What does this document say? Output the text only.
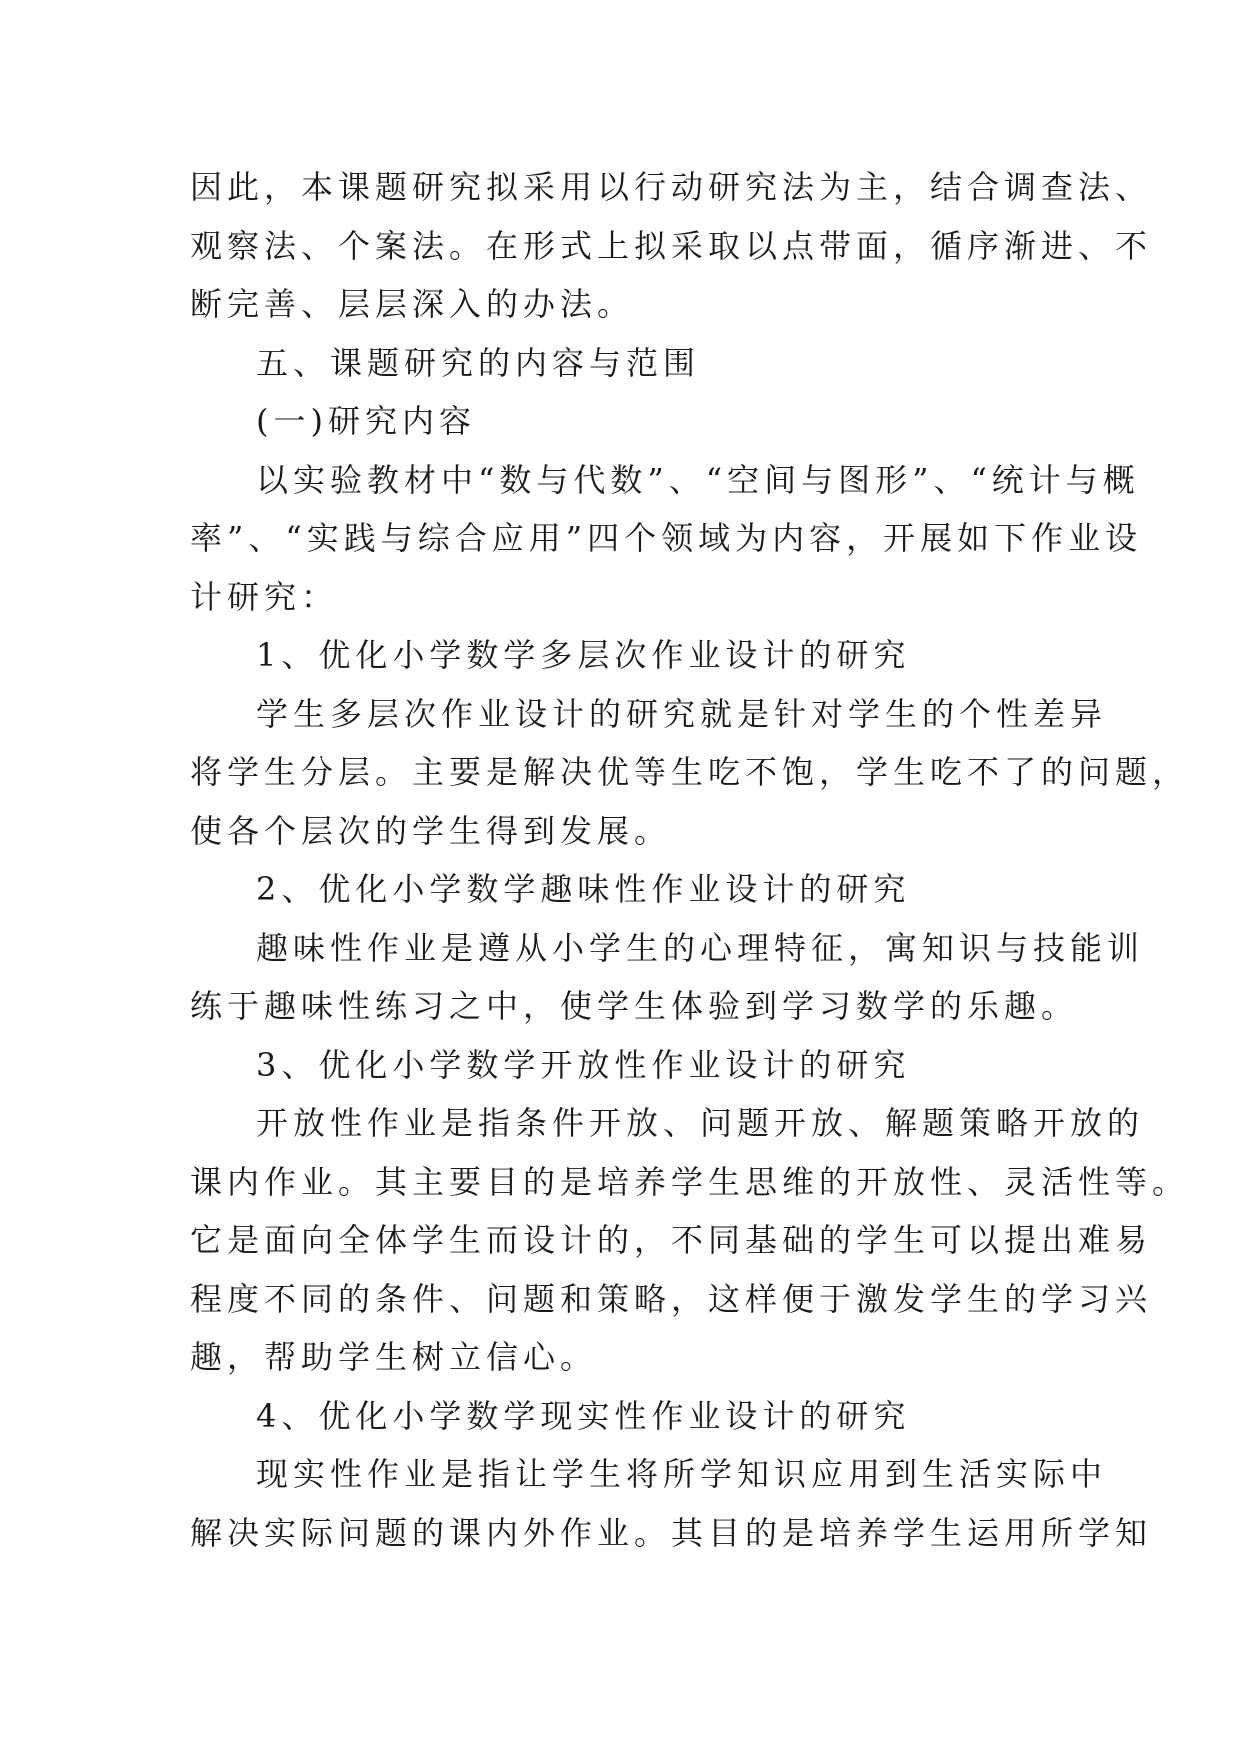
因此，本课题研究拟采用以行动研究法为主，结合调查法、
观察法、个案法。在形式上拟采取以点带面，循序渐进、不
断完善、层层深入的办法。
五、课题研究的内容与范围
(一)研究内容
以实验教材中“数与代数”、“空间与图形”、“统计与概
率”、“实践与综合应用”四个领域为内容，开展如下作业设
计研究：
1、优化小学数学多层次作业设计的研究
学生多层次作业设计的研究就是针对学生的个性差异
将学生分层。主要是解决优等生吃不饱，学生吃不了的问题，
使各个层次的学生得到发展。
2、优化小学数学趣味性作业设计的研究
趣味性作业是遵从小学生的心理特征，寓知识与技能训
练于趣味性练习之中，使学生体验到学习数学的乐趣。
3、优化小学数学开放性作业设计的研究
开放性作业是指条件开放、问题开放、解题策略开放的
课内作业。其主要目的是培养学生思维的开放性、灵活性等。
它是面向全体学生而设计的，不同基础的学生可以提出难易
程度不同的条件、问题和策略，这样便于激发学生的学习兴
趣，帮助学生树立信心。
4、优化小学数学现实性作业设计的研究
现实性作业是指让学生将所学知识应用到生活实际中
解决实际问题的课内外作业。其目的是培养学生运用所学知
